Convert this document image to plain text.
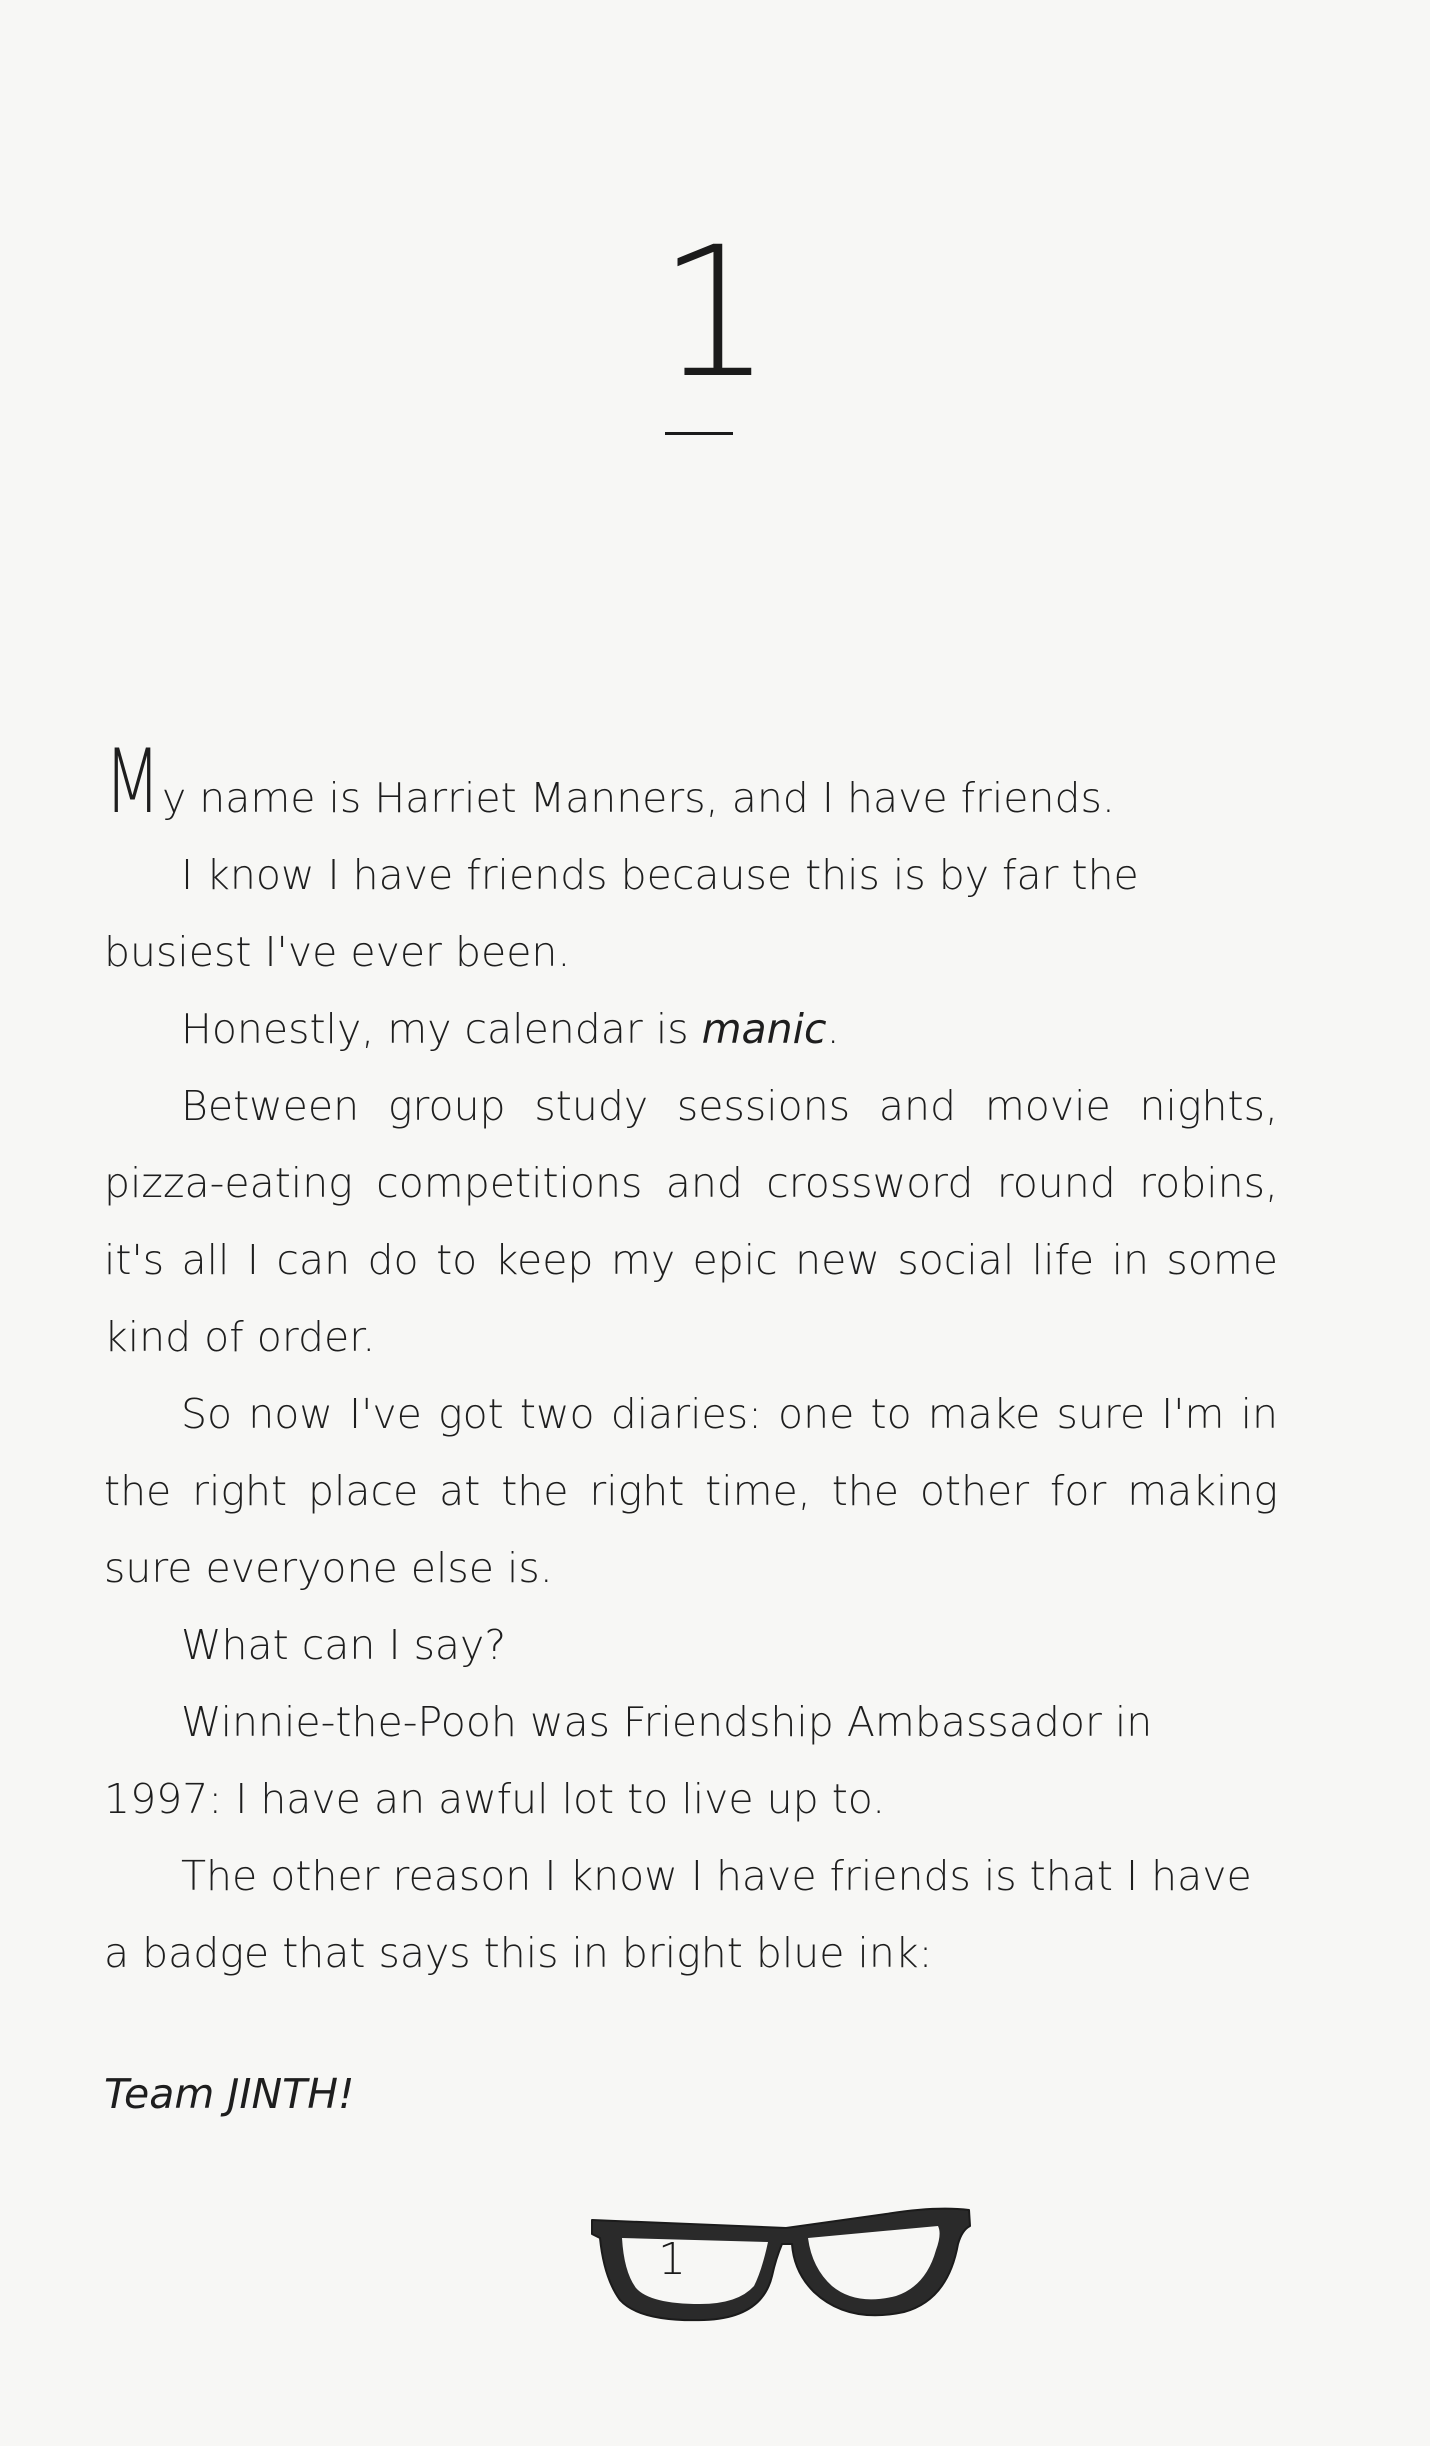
1

My name is Harriet Manners, and I have friends.

I know I have friends because this is by far the busiest I've ever been.

Honestly, my calendar is manic.

Between group study sessions and movie nights, pizza-eating competitions and crossword round robins, it's all I can do to keep my epic new social life in some kind of order.

So now I've got two diaries: one to make sure I'm in the right place at the right time, the other for making sure everyone else is.

What can I say?

Winnie-the-Pooh was Friendship Ambassador in 1997: I have an awful lot to live up to.

The other reason I know I have friends is that I have a badge that says this in bright blue ink:

Team JINTH!
1
